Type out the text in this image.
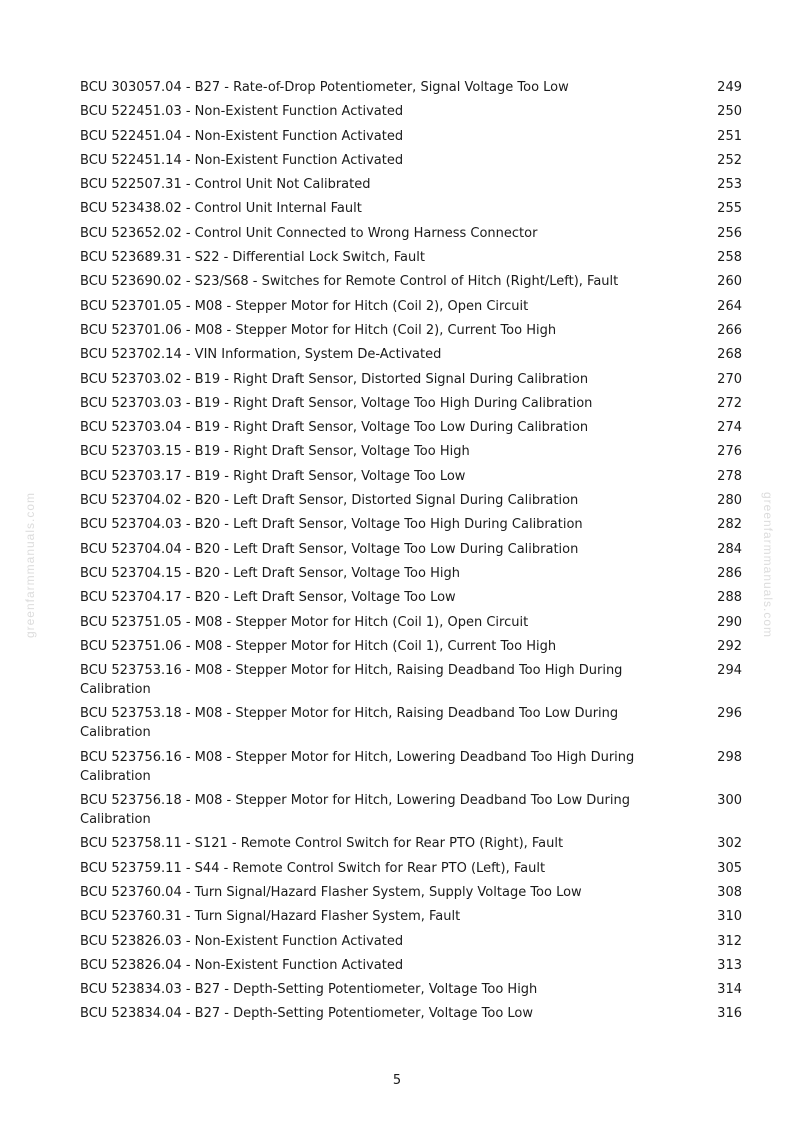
greenfarmmanuals.com	greenfarmmanuals.com
BCU 303057.04 - B27 - Rate-of-Drop Potentiometer, Signal Voltage Too Low	249
BCU 522451.03 - Non-Existent Function Activated	250
BCU 522451.04 - Non-Existent Function Activated	251
BCU 522451.14 - Non-Existent Function Activated	252
BCU 522507.31 - Control Unit Not Calibrated	253
BCU 523438.02 - Control Unit Internal Fault	255
BCU 523652.02 - Control Unit Connected to Wrong Harness Connector	256
BCU 523689.31 - S22 - Differential Lock Switch, Fault	258
BCU 523690.02 - S23/S68 - Switches for Remote Control of Hitch (Right/Left), Fault	260
BCU 523701.05 - M08 - Stepper Motor for Hitch (Coil 2), Open Circuit	264
BCU 523701.06 - M08 - Stepper Motor for Hitch (Coil 2), Current Too High	266
BCU 523702.14 - VIN Information, System De-Activated	268
BCU 523703.02 - B19 - Right Draft Sensor, Distorted Signal During Calibration	270
BCU 523703.03 - B19 - Right Draft Sensor, Voltage Too High During Calibration	272
BCU 523703.04 - B19 - Right Draft Sensor, Voltage Too Low During Calibration	274
BCU 523703.15 - B19 - Right Draft Sensor, Voltage Too High	276
BCU 523703.17 - B19 - Right Draft Sensor, Voltage Too Low	278
BCU 523704.02 - B20 - Left Draft Sensor, Distorted Signal During Calibration	280
BCU 523704.03 - B20 - Left Draft Sensor, Voltage Too High During Calibration	282
BCU 523704.04 - B20 - Left Draft Sensor, Voltage Too Low During Calibration	284
BCU 523704.15 - B20 - Left Draft Sensor, Voltage Too High	286
BCU 523704.17 - B20 - Left Draft Sensor, Voltage Too Low	288
BCU 523751.05 - M08 - Stepper Motor for Hitch (Coil 1), Open Circuit	290
BCU 523751.06 - M08 - Stepper Motor for Hitch (Coil 1), Current Too High	292
BCU 523753.16 - M08 - Stepper Motor for Hitch, Raising Deadband Too High During Calibration
294
BCU 523753.18 - M08 - Stepper Motor for Hitch, Raising Deadband Too Low During Calibration
296
BCU 523756.16 - M08 - Stepper Motor for Hitch, Lowering Deadband Too High During Calibration
298
BCU 523756.18 - M08 - Stepper Motor for Hitch, Lowering Deadband Too Low During Calibration
300
BCU 523758.11 - S121 - Remote Control Switch for Rear PTO (Right), Fault	302
BCU 523759.11 - S44 - Remote Control Switch for Rear PTO (Left), Fault	305
BCU 523760.04 - Turn Signal/Hazard Flasher System, Supply Voltage Too Low	308
BCU 523760.31 - Turn Signal/Hazard Flasher System, Fault	310
BCU 523826.03 - Non-Existent Function Activated	312
BCU 523826.04 - Non-Existent Function Activated	313
BCU 523834.03 - B27 - Depth-Setting Potentiometer, Voltage Too High	314
BCU 523834.04 - B27 - Depth-Setting Potentiometer, Voltage Too Low	316
5
